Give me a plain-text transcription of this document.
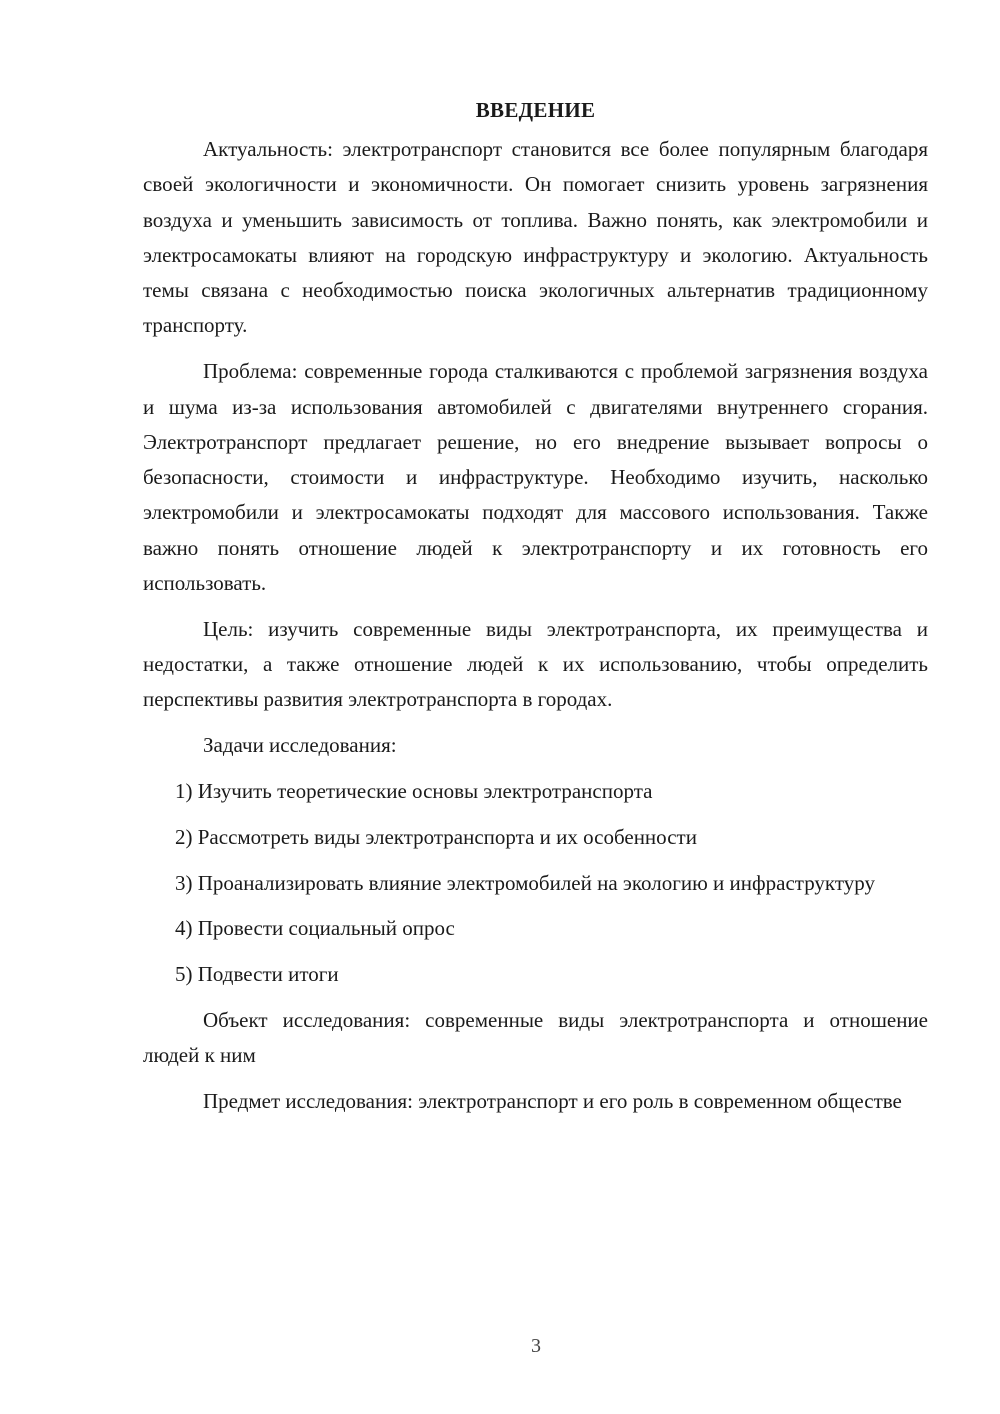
ВВЕДЕНИЕ

Актуальность: электротранспорт становится все более популярным благодаря своей экологичности и экономичности. Он помогает снизить уровень загрязнения воздуха и уменьшить зависимость от топлива. Важно понять, как электромобили и электросамокаты влияют на городскую инфраструктуру и экологию. Актуальность темы связана с необходимостью поиска экологичных альтернатив традиционному транспорту.

Проблема: современные города сталкиваются с проблемой загрязнения воздуха и шума из-за использования автомобилей с двигателями внутреннего сгорания. Электротранспорт предлагает решение, но его внедрение вызывает вопросы о безопасности, стоимости и инфраструктуре. Необходимо изучить, насколько электромобили и электросамокаты подходят для массового использования. Также важно понять отношение людей к электротранспорту и их готовность его использовать.

Цель: изучить современные виды электротранспорта, их преимущества и недостатки, а также отношение людей к их использованию, чтобы определить перспективы развития электротранспорта в городах.

Задачи исследования:

1) Изучить теоретические основы электротранспорта

2) Рассмотреть виды электротранспорта и их особенности

3) Проанализировать влияние электромобилей на экологию и инфраструктуру

4) Провести социальный опрос

5) Подвести итоги

Объект исследования: современные виды электротранспорта и отношение людей к ним

Предмет исследования: электротранспорт и его роль в современном обществе

3
